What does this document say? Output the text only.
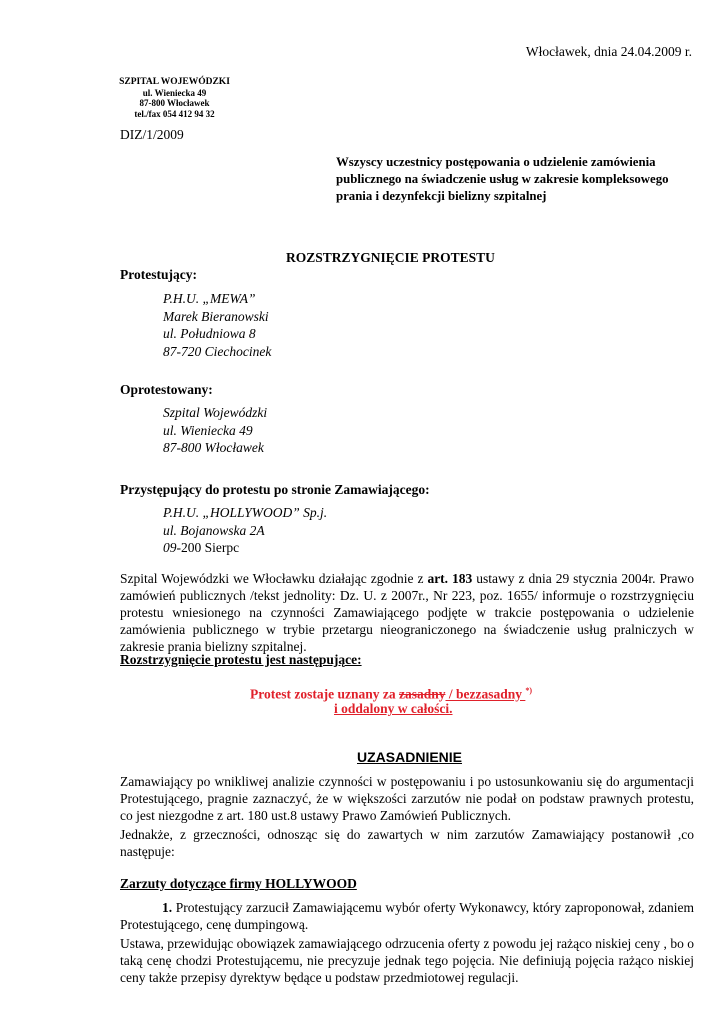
Włocławek, dnia 24.04.2009 r.
SZPITAL WOJEWÓDZKI
ul. Wieniecka 49
87-800 Włocławek
tel./fax 054 412 94 32
DIZ/1/2009
Wszyscy uczestnicy postępowania o udzielenie zamówienia publicznego na świadczenie usług w zakresie kompleksowego prania i dezynfekcji bielizny szpitalnej
ROZSTRZYGNIĘCIE PROTESTU
Protestujący:
P.H.U. „MEWA”
Marek Bieranowski
ul. Południowa 8
87-720 Ciechocinek
Oprotestowany:
Szpital Wojewódzki
ul. Wieniecka 49
87-800 Włocławek
Przystępujący do protestu po stronie Zamawiającego:
P.H.U. „HOLLYWOOD” Sp.j.
ul. Bojanowska 2A
09-200 Sierpc

Szpital Wojewódzki we Włocławku działając zgodnie z art. 183 ustawy z dnia 29 stycznia 2004r. Prawo zamówień publicznych /tekst jednolity: Dz. U. z 2007r., Nr 223, poz. 1655/ informuje o rozstrzygnięciu protestu wniesionego na czynności Zamawiającego podjęte w trakcie postępowania o udzielenie zamówienia publicznego w trybie przetargu nieograniczonego na świadczenie usług pralniczych w zakresie prania bielizny szpitalnej.

Rozstrzygnięcie protestu jest następujące:
Protest zostaje uznany za zasadny / bezzasadny *)
i oddalony w całości.
UZASADNIENIE

Zamawiający po wnikliwej analizie czynności w postępowaniu i po ustosunkowaniu się do argumentacji Protestującego, pragnie zaznaczyć, że w większości zarzutów nie podał on podstaw prawnych protestu, co jest niezgodne z art. 180 ust.8 ustawy Prawo Zamówień Publicznych.

Jednakże, z grzeczności, odnosząc się do zawartych w nim zarzutów Zamawiający postanowił ,co następuje:

Zarzuty dotyczące firmy HOLLYWOOD

1. Protestujący zarzucił Zamawiającemu wybór oferty Wykonawcy, który zaproponował, zdaniem Protestującego, cenę dumpingową.

Ustawa, przewidując obowiązek zamawiającego odrzucenia oferty z powodu jej rażąco niskiej ceny , bo o taką cenę chodzi Protestującemu, nie precyzuje jednak tego pojęcia. Nie definiują pojęcia rażąco niskiej ceny także przepisy dyrektyw będące u podstaw przedmiotowej regulacji.
